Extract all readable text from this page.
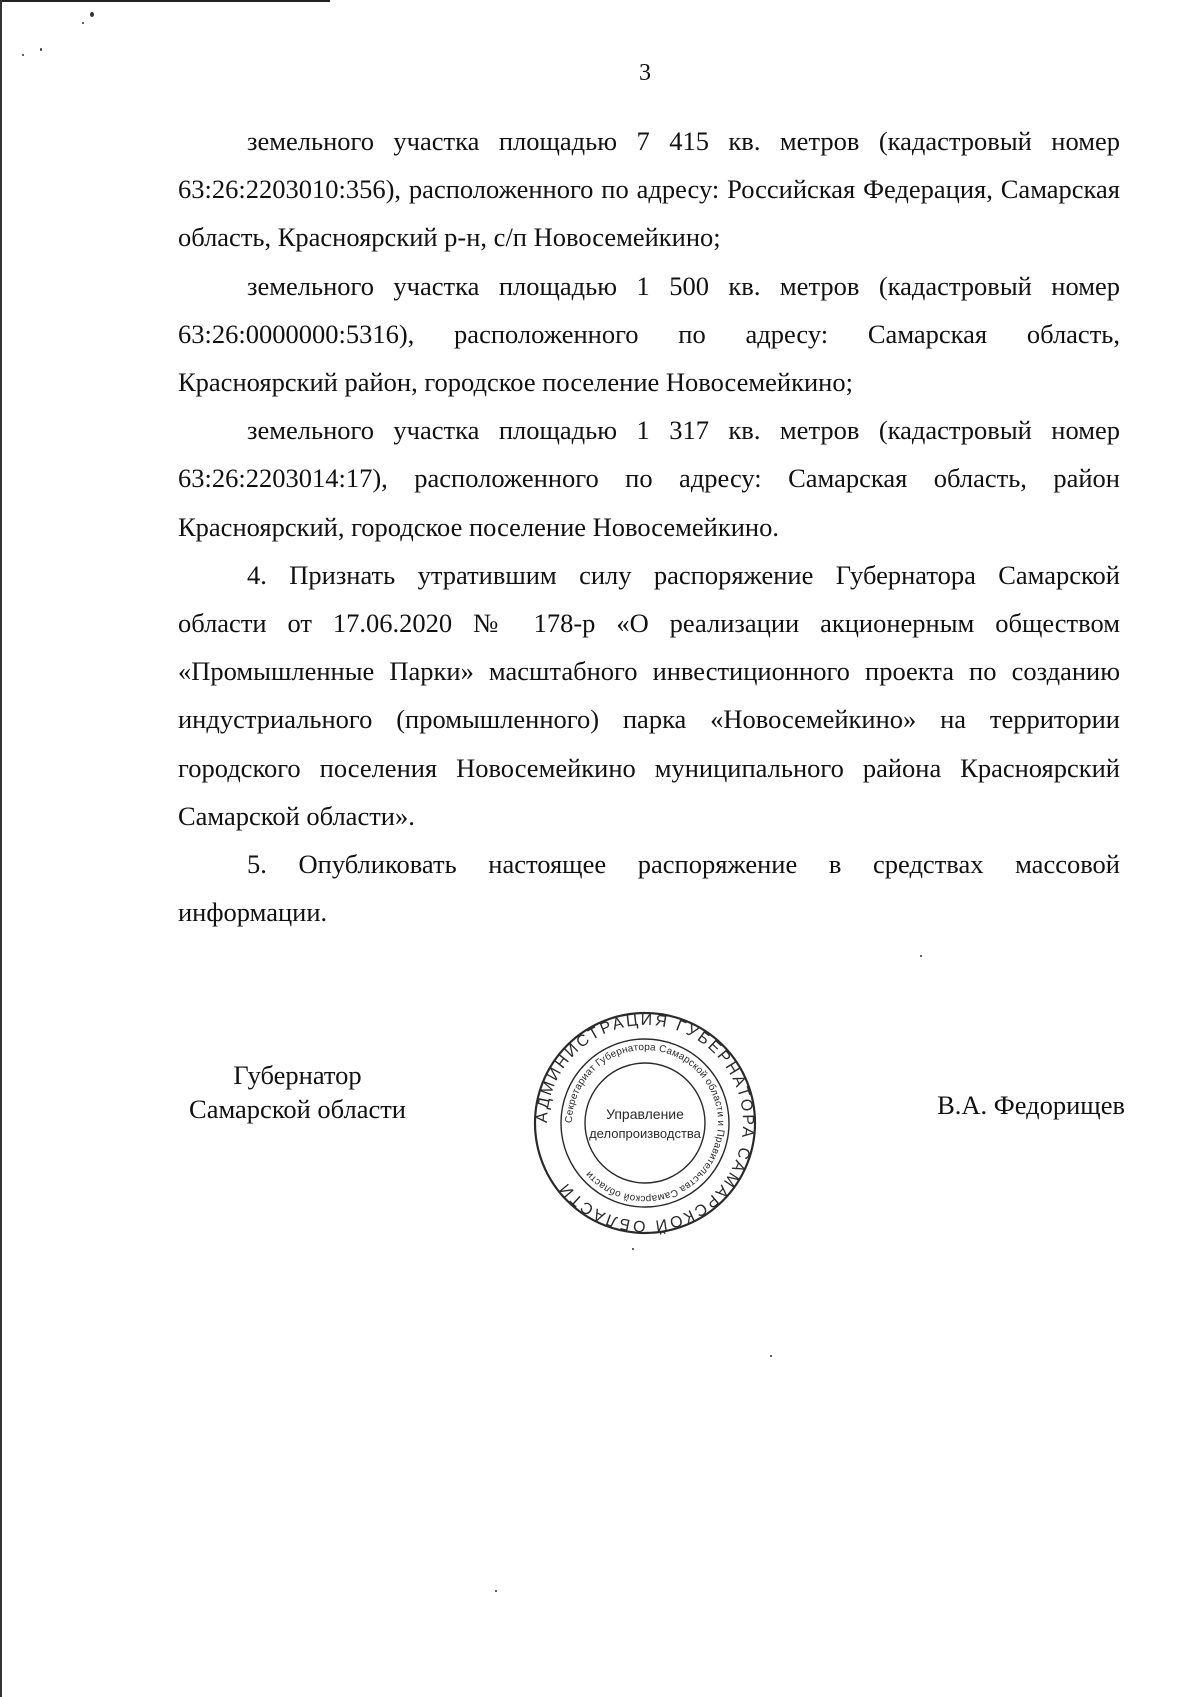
3

земельного участка площадью 7 415 кв. метров (кадастровый номер 63:26:2203010:356), расположенного по адресу: Российская Федерация, Самарская область, Красноярский р-н, с/п Новосемейкино;

земельного участка площадью 1 500 кв. метров (кадастровый номер 63:26:0000000:5316), расположенного по адресу: Самарская область, Красноярский район, городское поселение Новосемейкино;

земельного участка площадью 1 317 кв. метров (кадастровый номер 63:26:2203014:17), расположенного по адресу: Самарская область, район Красноярский, городское поселение Новосемейкино.

4. Признать утратившим силу распоряжение Губернатора Самарской области от 17.06.2020 № 178-р «О реализации акционерным обществом «Промышленные Парки» масштабного инвестиционного проекта по созданию индустриального (промышленного) парка «Новосемейкино» на территории городского поселения Новосемейкино муниципального района Красноярский Самарской области».

5. Опубликовать настоящее распоряжение в средствах массовой информации.

Губернатор
Самарской области	АДМИНИСТРАЦИЯ ГУБЕРНАТОРА САМАРСКОЙ ОБЛАСТИ
Секретариат Губернатора Самарской области и Правительства Самарской области
Управление
делопроизводства
В.А. Федорищев
